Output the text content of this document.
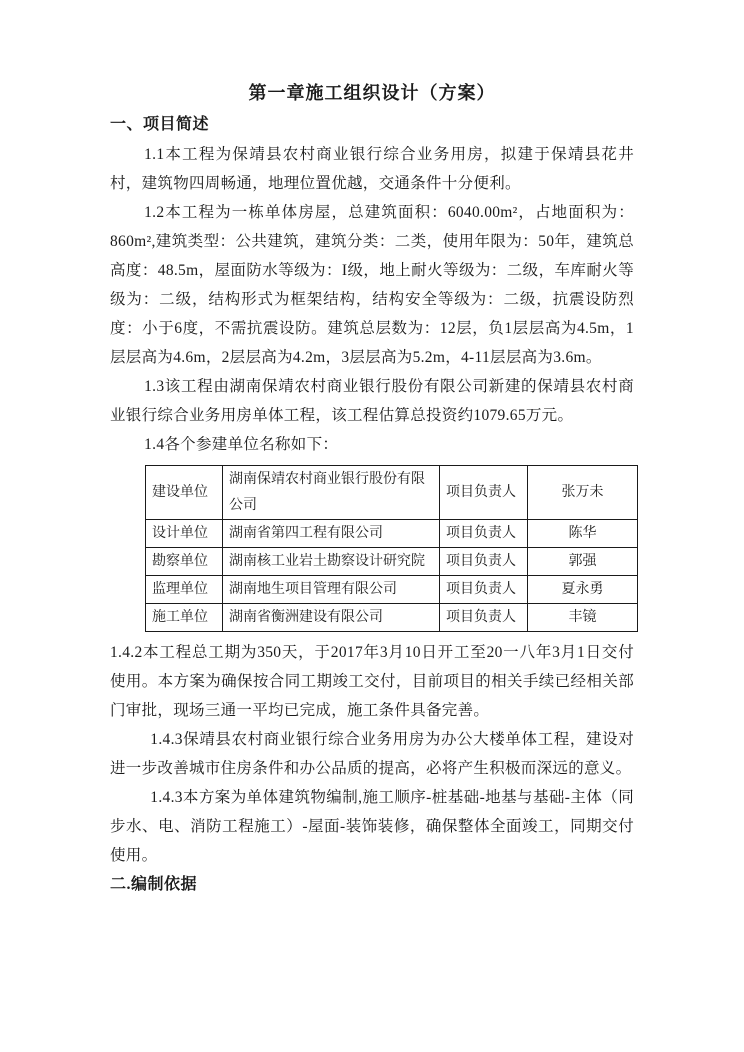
第一章施工组织设计（方案）
一、项目简述

1.1本工程为保靖县农村商业银行综合业务用房，拟建于保靖县花井村，建筑物四周畅通，地理位置优越，交通条件十分便利。

1.2本工程为一栋单体房屋，总建筑面积：6040.00m²，占地面积为：860m²,建筑类型：公共建筑，建筑分类：二类，使用年限为：50年，建筑总高度：48.5m，屋面防水等级为：I级，地上耐火等级为：二级，车库耐火等级为：二级，结构形式为框架结构，结构安全等级为：二级，抗震设防烈度：小于6度，不需抗震设防。建筑总层数为：12层，负1层层高为4.5m，1层层高为4.6m，2层层高为4.2m，3层层高为5.2m，4-11层层高为3.6m。

1.3该工程由湖南保靖农村商业银行股份有限公司新建的保靖县农村商业银行综合业务用房单体工程，该工程估算总投资约1079.65万元。

1.4各个参建单位名称如下：

建设单位	湖南保靖农村商业银行股份有限公司	项目负责人	张万未
设计单位	湖南省第四工程有限公司	项目负责人	陈华
勘察单位	湖南核工业岩土勘察设计研究院	项目负责人	郭强
监理单位	湖南地生项目管理有限公司	项目负责人	夏永勇
施工单位	湖南省衡洲建设有限公司	项目负责人	丰镜

1.4.2本工程总工期为350天，于2017年3月10日开工至20一八年3月1日交付使用。本方案为确保按合同工期竣工交付，目前项目的相关手续已经相关部门审批，现场三通一平均已完成，施工条件具备完善。

1.4.3保靖县农村商业银行综合业务用房为办公大楼单体工程，建设对进一步改善城市住房条件和办公品质的提高，必将产生积极而深远的意义。

1.4.3本方案为单体建筑物编制,施工顺序-桩基础-地基与基础-主体（同步水、电、消防工程施工）-屋面-装饰装修，确保整体全面竣工，同期交付使用。

二.编制依据
